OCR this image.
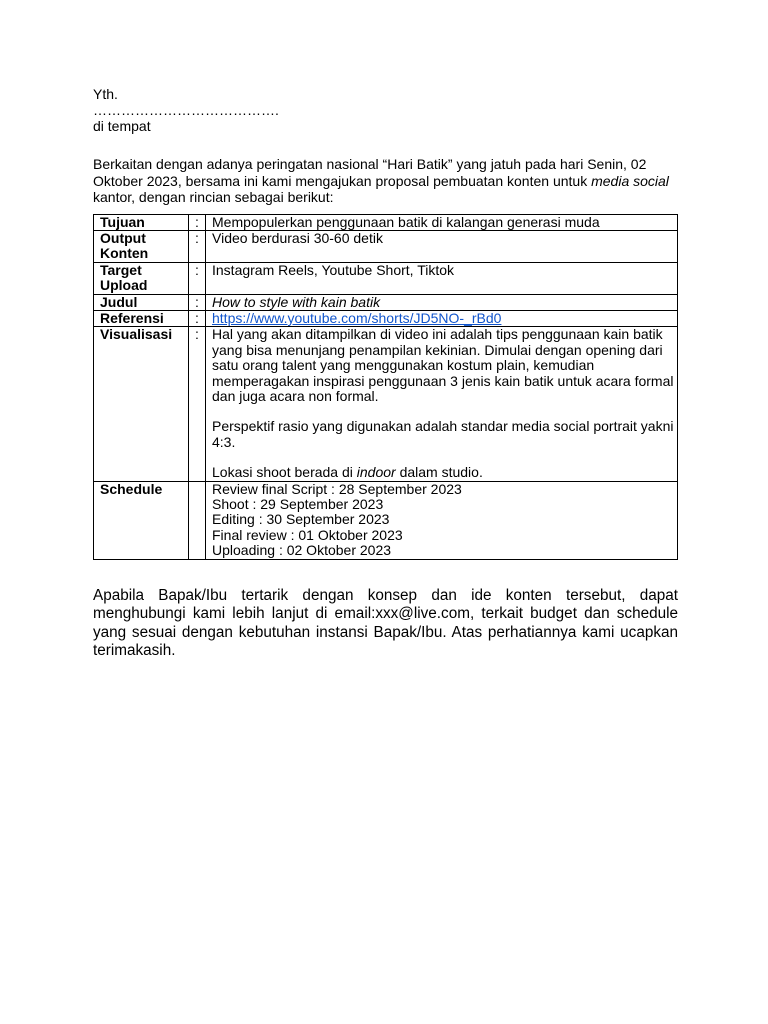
Yth.
………………………………….
di tempat
Berkaitan dengan adanya peringatan nasional “Hari Batik” yang jatuh pada hari Senin, 02 Oktober 2023, bersama ini kami mengajukan proposal pembuatan konten untuk media social kantor, dengan rincian sebagai berikut:
Tujuan	:	Mempopulerkan penggunaan batik di kalangan generasi muda

Output
Konten	:	Video berdurasi 30-60 detik

Target
Upload	:	Instagram Reels, Youtube Short, Tiktok
Judul	:	How to style with kain batik
Referensi	:	https://www.youtube.com/shorts/JD5NO-_rBd0
Visualisasi	:	Hal yang akan ditampilkan di video ini adalah tips penggunaan kain batik yang bisa menunjang penampilan kekinian. Dimulai dengan opening dari satu orang talent yang menggunakan kostum plain, kemudian memperagakan inspirasi penggunaan 3 jenis kain batik untuk acara formal dan juga acara non formal.

Perspektif rasio yang digunakan adalah standar media social portrait yakni 4:3.

Lokasi shoot berada di indoor dalam studio.

Schedule		Review final Script : 28 September 2023
Shoot : 29 September 2023
Editing : 30 September 2023
Final review : 01 Oktober 2023
Uploading : 02 Oktober 2023
Apabila Bapak/Ibu tertarik dengan konsep dan ide konten tersebut, dapat menghubungi kami lebih lanjut di email:xxx@live.com, terkait budget dan schedule yang sesuai dengan kebutuhan instansi Bapak/Ibu. Atas perhatiannya kami ucapkan terimakasih.
